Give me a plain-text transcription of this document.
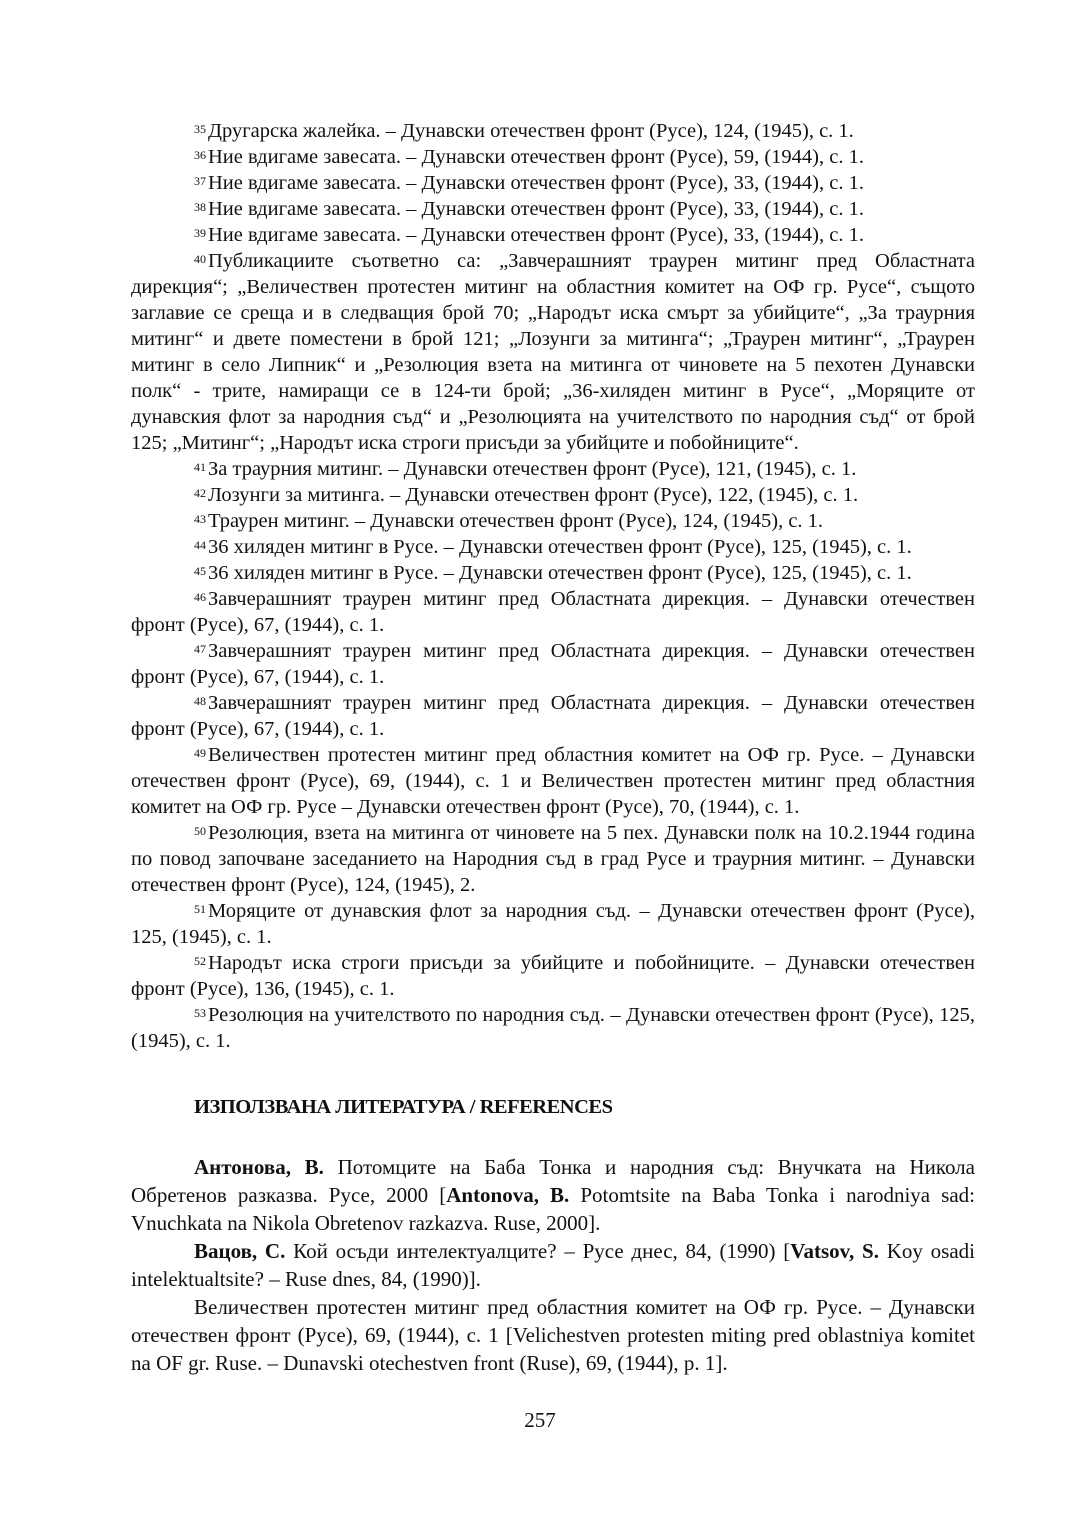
$^{35}$Другарска жалейка. – Дунавски отечествен фронт (Русе), 124, (1945), с. 1.

$^{36}$Ние вдигаме завесата. – Дунавски отечествен фронт (Русе), 59, (1944), с. 1.

$^{37}$Ние вдигаме завесата. – Дунавски отечествен фронт (Русе), 33, (1944), с. 1.

$^{38}$Ние вдигаме завесата. – Дунавски отечествен фронт (Русе), 33, (1944), с. 1.

$^{39}$Ние вдигаме завесата. – Дунавски отечествен фронт (Русе), 33, (1944), с. 1.

$^{40}$Публикациите съответно са: „Завчерашният траурен митинг пред Областната дирекция“; „Величествен протестен митинг на областния комитет на ОФ гр. Русе“, същото заглавие се среща и в следващия брой 70; „Народът иска смърт за убийците“, „За траурния митинг“ и двете поместени в брой 121; „Лозунги за митинга“; „Траурен митинг“, „Траурен митинг в село Липник“ и „Резолюция взета на митинга от чиновете на 5 пехотен Дунавски полк“ - трите, намиращи се в 124-ти брой; „36-хиляден митинг в Русе“, „Моряците от дунавския флот за народния съд“ и „Резолюцията на учителството по народния съд“ от брой 125; „Митинг“; „Народът иска строги присъди за убийците и побойниците“.

$^{41}$За траурния митинг. – Дунавски отечествен фронт (Русе), 121, (1945), с. 1.

$^{42}$Лозунги за митинга. – Дунавски отечествен фронт (Русе), 122, (1945), с. 1.

$^{43}$Траурен митинг. – Дунавски отечествен фронт (Русе), 124, (1945), с. 1.

$^{44}$36 хиляден митинг в Русе. – Дунавски отечествен фронт (Русе), 125, (1945), с. 1.

$^{45}$36 хиляден митинг в Русе. – Дунавски отечествен фронт (Русе), 125, (1945), с. 1.

$^{46}$Завчерашният траурен митинг пред Областната дирекция. – Дунавски отечествен фронт (Русе), 67, (1944), с. 1.

$^{47}$Завчерашният траурен митинг пред Областната дирекция. – Дунавски отечествен фронт (Русе), 67, (1944), с. 1.

$^{48}$Завчерашният траурен митинг пред Областната дирекция. – Дунавски отечествен фронт (Русе), 67, (1944), с. 1.

$^{49}$Величествен протестен митинг пред областния комитет на ОФ гр. Русе. – Дунавски отечествен фронт (Русе), 69, (1944), с. 1 и Величествен протестен митинг пред областния комитет на ОФ гр. Русе – Дунавски отечествен фронт (Русе), 70, (1944), с. 1.

$^{50}$Резолюция, взета на митинга от чиновете на 5 пех. Дунавски полк на 10.2.1944 година по повод започване заседанието на Народния съд в град Русе и траурния митинг. – Дунавски отечествен фронт (Русе), 124, (1945), 2.

$^{51}$Моряците от дунавския флот за народния съд. – Дунавски отечествен фронт (Русе), 125, (1945), с. 1.

$^{52}$Народът иска строги присъди за убийците и побойниците. – Дунавски отечествен фронт (Русе), 136, (1945), с. 1.

$^{53}$Резолюция на учителството по народния съд. – Дунавски отечествен фронт (Русе), 125, (1945), с. 1.

ИЗПОЛЗВАНА ЛИТЕРАТУРА / REFERENCES

Антонова, В. Потомците на Баба Тонка и народния съд: Внучката на Никола Обретенов разказва. Русе, 2000 [Antonova, B. Potomtsite na Baba Tonka i narodniya sad: Vnuchkata na Nikola Obretenov razkazva. Ruse, 2000].

Вацов, С. Кой осъди интелектуалците? – Русе днес, 84, (1990) [Vatsov, S. Koy osadi intelektualtsite? – Ruse dnes, 84, (1990)].

Величествен протестен митинг пред областния комитет на ОФ гр. Русе. – Дунавски отечествен фронт (Русе), 69, (1944), с. 1 [Velichestven protesten miting pred oblastniya komitet na OF gr. Ruse. – Dunavski otechestven front (Ruse), 69, (1944), p. 1].

257
